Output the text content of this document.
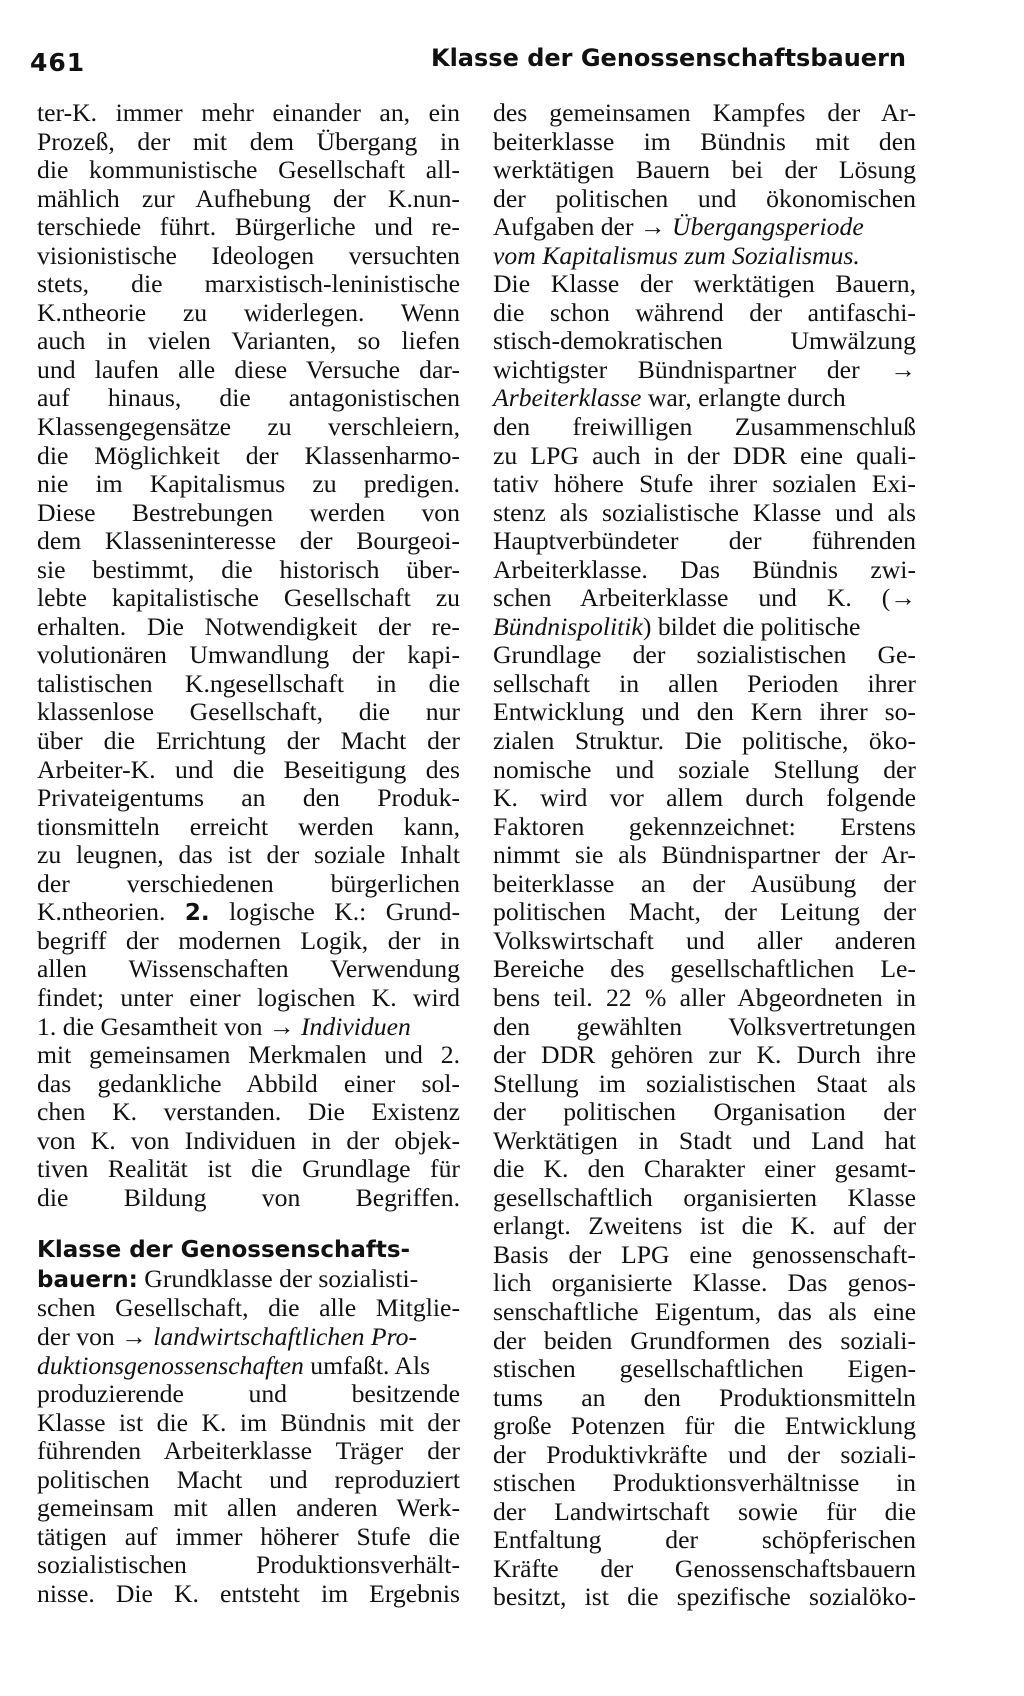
461	Klasse der Genossenschaftsbauern
ter-K. immer mehr einander an, ein
Prozeß, der mit dem Übergang in
die kommunistische Gesellschaft all-
mählich zur Aufhebung der K.nun-
terschiede führt. Bürgerliche und re-
visionistische Ideologen versuchten
stets, die marxistisch-leninistische
K.ntheorie zu widerlegen. Wenn
auch in vielen Varianten, so liefen
und laufen alle diese Versuche dar-
auf hinaus, die antagonistischen
Klassengegensätze zu verschleiern,
die Möglichkeit der Klassenharmo-
nie im Kapitalismus zu predigen.
Diese Bestrebungen werden von
dem Klasseninteresse der Bourgeoi-
sie bestimmt, die historisch über-
lebte kapitalistische Gesellschaft zu
erhalten. Die Notwendigkeit der re-
volutionären Umwandlung der kapi-
talistischen K.ngesellschaft in die
klassenlose Gesellschaft, die nur
über die Errichtung der Macht der
Arbeiter-K. und die Beseitigung des
Privateigentums an den Produk-
tionsmitteln erreicht werden kann,
zu leugnen, das ist der soziale Inhalt
der verschiedenen bürgerlichen
K.ntheorien. 2. logische K.: Grund-
begriff der modernen Logik, der in
allen Wissenschaften Verwendung
findet; unter einer logischen K. wird
1. die Gesamtheit von → Individuen
mit gemeinsamen Merkmalen und 2.
das gedankliche Abbild einer sol-
chen K. verstanden. Die Existenz
von K. von Individuen in der objek-
tiven Realität ist die Grundlage für
die Bildung von Begriffen.
Klasse der Genossenschafts-
bauern: Grundklasse der sozialisti-
schen Gesellschaft, die alle Mitglie-
der von → landwirtschaftlichen Pro-
duktionsgenossenschaften umfaßt. Als
produzierende und besitzende
Klasse ist die K. im Bündnis mit der
führenden Arbeiterklasse Träger der
politischen Macht und reproduziert
gemeinsam mit allen anderen Werk-
tätigen auf immer höherer Stufe die
sozialistischen Produktionsverhält-
nisse. Die K. entsteht im Ergebnis
des gemeinsamen Kampfes der Ar-
beiterklasse im Bündnis mit den
werktätigen Bauern bei der Lösung
der politischen und ökonomischen
Aufgaben der → Übergangsperiode
vom Kapitalismus zum Sozialismus.
Die Klasse der werktätigen Bauern,
die schon während der antifaschi-
stisch-demokratischen Umwälzung
wichtigster Bündnispartner der →
Arbeiterklasse war, erlangte durch
den freiwilligen Zusammenschluß
zu LPG auch in der DDR eine quali-
tativ höhere Stufe ihrer sozialen Exi-
stenz als sozialistische Klasse und als
Hauptverbündeter der führenden
Arbeiterklasse. Das Bündnis zwi-
schen Arbeiterklasse und K. (→
Bündnispolitik) bildet die politische
Grundlage der sozialistischen Ge-
sellschaft in allen Perioden ihrer
Entwicklung und den Kern ihrer so-
zialen Struktur. Die politische, öko-
nomische und soziale Stellung der
K. wird vor allem durch folgende
Faktoren gekennzeichnet: Erstens
nimmt sie als Bündnispartner der Ar-
beiterklasse an der Ausübung der
politischen Macht, der Leitung der
Volkswirtschaft und aller anderen
Bereiche des gesellschaftlichen Le-
bens teil. 22 % aller Abgeordneten in
den gewählten Volksvertretungen
der DDR gehören zur K. Durch ihre
Stellung im sozialistischen Staat als
der politischen Organisation der
Werktätigen in Stadt und Land hat
die K. den Charakter einer gesamt-
gesellschaftlich organisierten Klasse
erlangt. Zweitens ist die K. auf der
Basis der LPG eine genossenschaft-
lich organisierte Klasse. Das genos-
senschaftliche Eigentum, das als eine
der beiden Grundformen des soziali-
stischen gesellschaftlichen Eigen-
tums an den Produktionsmitteln
große Potenzen für die Entwicklung
der Produktivkräfte und der soziali-
stischen Produktionsverhältnisse in
der Landwirtschaft sowie für die
Entfaltung der schöpferischen
Kräfte der Genossenschaftsbauern
besitzt, ist die spezifische sozialöko-
